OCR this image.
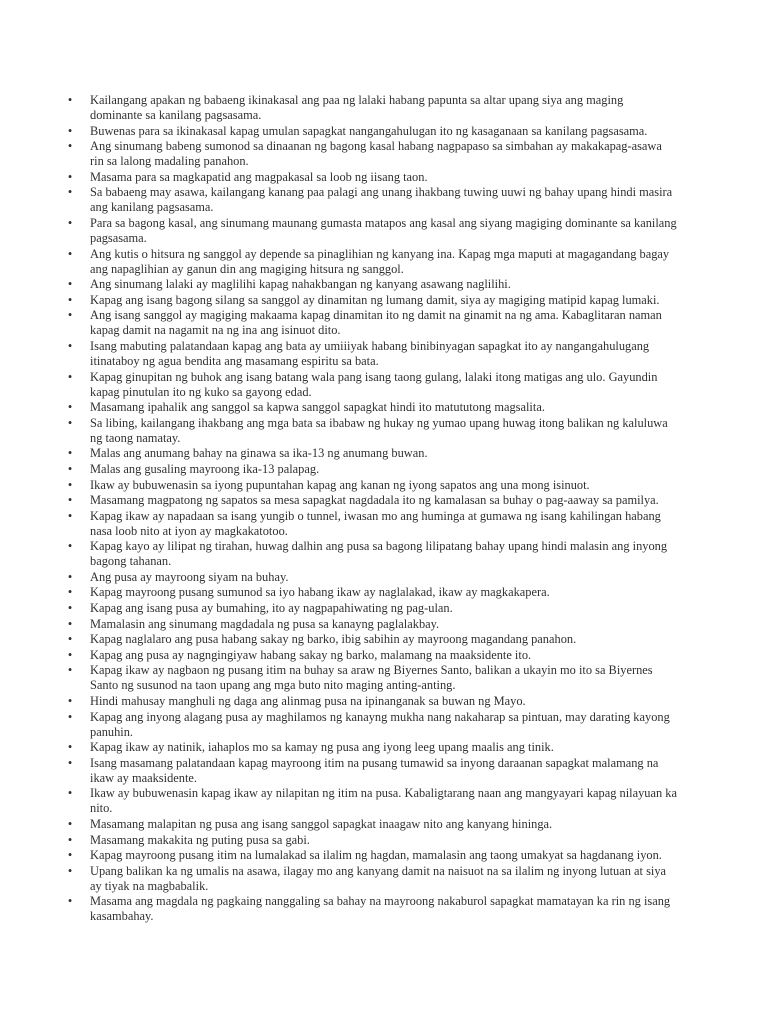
• Kailangang apakan ng babaeng ikinakasal ang paa ng lalaki habang papunta sa altar upang siya ang maging dominante sa kanilang pagsasama.
• Buwenas para sa ikinakasal kapag umulan sapagkat nangangahulugan ito ng kasaganaan sa kanilang pagsasama.
• Ang sinumang babeng sumonod sa dinaanan ng bagong kasal habang nagpapaso sa simbahan ay makakapag-asawa rin sa lalong madaling panahon.
• Masama para sa magkapatid ang magpakasal sa loob ng iisang taon.
• Sa babaeng may asawa, kailangang kanang paa palagi ang unang ihakbang tuwing uuwi ng bahay upang hindi masira ang kanilang pagsasama.
• Para sa bagong kasal, ang sinumang maunang gumasta matapos ang kasal ang siyang magiging dominante sa kanilang pagsasama.
• Ang kutis o hitsura ng sanggol ay depende sa pinaglihian ng kanyang ina. Kapag mga maputi at magagandang bagay ang napaglihian ay ganun din ang magiging hitsura ng sanggol.
• Ang sinumang lalaki ay maglilihi kapag nahakbangan ng kanyang asawang naglilihi.
• Kapag ang isang bagong silang sa sanggol ay dinamitan ng lumang damit, siya ay magiging matipid kapag lumaki.
• Ang isang sanggol ay magiging makaama kapag dinamitan ito ng damit na ginamit na ng ama. Kabaglitaran naman kapag damit na nagamit na ng ina ang isinuot dito.
• Isang mabuting palatandaan kapag ang bata ay umiiiyak habang binibinyagan sapagkat ito ay nangangahulugang itinataboy ng agua bendita ang masamang espiritu sa bata.
• Kapag ginupitan ng buhok ang isang batang wala pang isang taong gulang, lalaki itong matigas ang ulo. Gayundin kapag pinutulan ito ng kuko sa gayong edad.
• Masamang ipahalik ang sanggol sa kapwa sanggol sapagkat hindi ito matututong magsalita.
• Sa libing, kailangang ihakbang ang mga bata sa ibabaw ng hukay ng yumao upang huwag itong balikan ng kaluluwa ng taong namatay.
• Malas ang anumang bahay na ginawa sa ika-13 ng anumang buwan.
• Malas ang gusaling mayroong ika-13 palapag.
• Ikaw ay bubuwenasin sa iyong pupuntahan kapag ang kanan ng iyong sapatos ang una mong isinuot.
• Masamang magpatong ng sapatos sa mesa sapagkat nagdadala ito ng kamalasan sa buhay o pag-aaway sa pamilya.
• Kapag ikaw ay napadaan sa isang yungib o tunnel, iwasan mo ang huminga at gumawa ng isang kahilingan habang nasa loob nito at iyon ay magkakatotoo.
• Kapag kayo ay lilipat ng tirahan, huwag dalhin ang pusa sa bagong lilipatang bahay upang hindi malasin ang inyong bagong tahanan.
• Ang pusa ay mayroong siyam na buhay.
• Kapag mayroong pusang sumunod sa iyo habang ikaw ay naglalakad, ikaw ay magkakapera.
• Kapag ang isang pusa ay bumahing, ito ay nagpapahiwating ng pag-ulan.
• Mamalasin ang sinumang magdadala ng pusa sa kanayng paglalakbay.
• Kapag naglalaro ang pusa habang sakay ng barko, ibig sabihin ay mayroong magandang panahon.
• Kapag ang pusa ay nagngingiyaw habang sakay ng barko, malamang na maaksidente ito.
• Kapag ikaw ay nagbaon ng pusang itim na buhay sa araw ng Biyernes Santo, balikan a ukayin mo ito sa Biyernes Santo ng susunod na taon upang ang mga buto nito maging anting-anting.
• Hindi mahusay manghuli ng daga ang alinmag pusa na ipinanganak sa buwan ng Mayo.
• Kapag ang inyong alagang pusa ay maghilamos ng kanayng mukha nang nakaharap sa pintuan, may darating kayong panuhin.
• Kapag ikaw ay natinik, iahaplos mo sa kamay ng pusa ang iyong leeg upang maalis ang tinik.
• Isang masamang palatandaan kapag mayroong itim na pusang tumawid sa inyong daraanan sapagkat malamang na ikaw ay maaksidente.
• Ikaw ay bubuwenasin kapag ikaw ay nilapitan ng itim na pusa. Kabaligtarang naan ang mangyayari kapag nilayuan ka nito.
• Masamang malapitan ng pusa ang isang sanggol sapagkat inaagaw nito ang kanyang hininga.
• Masamang makakita ng puting pusa sa gabi.
• Kapag mayroong pusang itim na lumalakad sa ilalim ng hagdan, mamalasin ang taong umakyat sa hagdanang iyon.
• Upang balikan ka ng umalis na asawa, ilagay mo ang kanyang damit na naisuot na sa ilalim ng inyong lutuan at siya ay tiyak na magbabalik.
• Masama ang magdala ng pagkaing nanggaling sa bahay na mayroong nakaburol sapagkat mamatayan ka rin ng isang kasambahay.
